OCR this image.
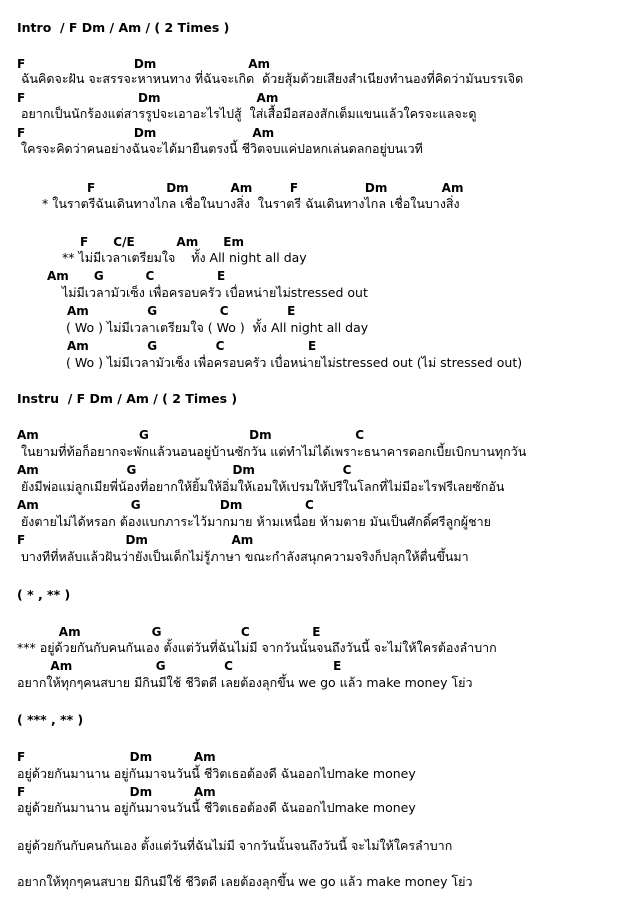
Intro  / F Dm / Am / ( 2 Times )
F                          Dm                      Am
ฉันคิดจะฝัน จะสรรจะหาหนทาง ที่ฉันจะเกิด  ด้วยสุ้มด้วยเสียงสำเนียงทำนองที่คิดว่ามันบรรเจิด
F                           Dm                       Am
อยากเป็นนักร้องแต่สารรูปจะเอาอะไรไปสู้  ใส่เสื้อมือสองสักเต็มแขนแล้วใครจะแลจะดู
F                          Dm                       Am
ใครจะคิดว่าคนอย่างฉันจะได้มายืนตรงนี้ ชีวิตจบแค่ปอหกเล่นดลกอยู่บนเวที
F                 Dm          Am         F                Dm             Am
* ในราตรีฉันเดินทางไกล เชื่อในบางสิ่ง  ในราตรี ฉันเดินทางไกล เชื่อในบางสิ่ง
F      C/E          Am      Em
** ไม่มีเวลาเตรียมใจ    ทั้ง All night all day
Am      G          C               E
ไม่มีเวลามัวเซ็ง เพื่อครอบครัว เบื่อหน่ายไม่stressed out
Am              G               C              E
( Wo ) ไม่มีเวลาเตรียมใจ ( Wo )  ทั้ง All night all day
Am              G              C                    E
( Wo ) ไม่มีเวลามัวเซ็ง เพื่อครอบครัว เบื่อหน่ายไม่stressed out (ไม่ stressed out)
Instru  / F Dm / Am / ( 2 Times )
Am                        G                        Dm                    C
ในยามที่ท้อก็อยากจะพักแล้วนอนอยู่บ้านซักวัน แต่ทำไม่ได้เพราะธนาคารดอกเบี้ยเบิกบานทุกวัน
Am                     G                       Dm                     C
ยังมีพ่อแม่ลูกเมียพี่น้องที่อยากให้ยิ้มให้อิ่มให้เอมให้เปรมให้ปรีในโลกที่ไม่มีอะไรฟรีเลยซักอัน
Am                      G                   Dm               C
ยังตายไม่ได้หรอก ต้องแบกภาระไว้มากมาย ห้ามเหนื่อย ห้ามตาย มันเป็นศักดิ์ศรีลูกผู้ชาย
F                        Dm                    Am
บางทีที่หลับแล้วฝันว่ายังเป็นเด็กไม่รู้ภาษา ขณะกำลังสนุกความจริงก็ปลุกให้ตื่นขึ้นมา
( * , ** )
Am                 G                   C               E
*** อยู่ด้วยกันกับคนกันเอง ตั้งแต่วันที่ฉันไม่มี จากวันนั้นจนถึงวันนี้ จะไม่ให้ใครต้องลำบาก
Am                    G              C                        E
อยากให้ทุกๆคนสบาย มีกินมีใช้ ชีวิตดี เลยต้องลุกขึ้น we go แล้ว make money โย่ว
( *** , ** )
F                         Dm          Am
อยู่ด้วยกันมานาน อยู่กันมาจนวันนี้ ชีวิตเธอต้องดี ฉันออกไปmake money
F                         Dm          Am
อยู่ด้วยกันมานาน อยู่กันมาจนวันนี้ ชีวิตเธอต้องดี ฉันออกไปmake money
อยู่ด้วยกันกับคนกันเอง ตั้งแต่วันที่ฉันไม่มี จากวันนั้นจนถึงวันนี้ จะไม่ให้ใครลำบาก
อยากให้ทุกๆคนสบาย มีกินมีใช้ ชีวิตดี เลยต้องลุกขึ้น we go แล้ว make money โย่ว
